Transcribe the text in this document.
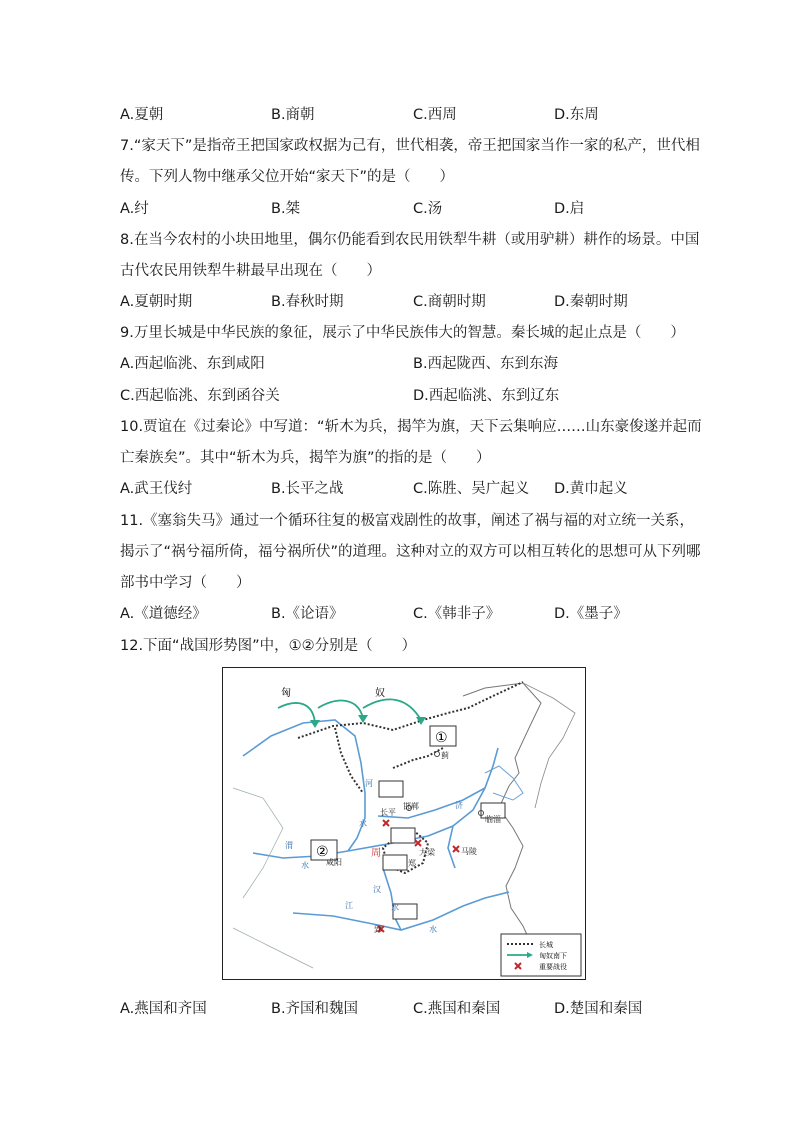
A.夏朝	B.商朝	C.西周	D.东周
7.“家天下”是指帝王把国家政权据为己有，世代相袭，帝王把国家当作一家的私产，世代相
传。下列人物中继承父位开始“家天下”的是（　　）
A.纣	B.桀	C.汤	D.启
8.在当今农村的小块田地里，偶尔仍能看到农民用铁犁牛耕（或用驴耕）耕作的场景。中国
古代农民用铁犁牛耕最早出现在（　　）
A.夏朝时期	B.春秋时期	C.商朝时期	D.秦朝时期
9.万里长城是中华民族的象征，展示了中华民族伟大的智慧。秦长城的起止点是（　　）
A.西起临洮、东到咸阳	B.西起陇西、东到东海
C.西起临洮、东到函谷关	D.西起临洮、东到辽东
10.贾谊在《过秦论》中写道：“斩木为兵，揭竿为旗，天下云集响应……山东豪俊遂并起而
亡秦族矣”。其中“斩木为兵，揭竿为旗”的指的是（　　）
A.武王伐纣	B.长平之战	C.陈胜、吴广起义 D.黄巾起义
11.《塞翁失马》通过一个循环往复的极富戏剧性的故事，阐述了祸与福的对立统一关系，
揭示了“祸兮福所倚，福兮祸所伏”的道理。这种对立的双方可以相互转化的思想可从下列哪
部书中学习（　　）
A.《道德经》	B.《论语》	C.《韩非子》	D.《墨子》
12.下面“战国形势图”中，①②分别是（　　）
匈	奴
①
②
蓟
邯郸
长平
大梁	马陵
咸阳	郑
临淄
郢
周
河
水
济
渭
水
汉
江	水
水
长城
匈奴南下
重要战役
A.燕国和齐国	B.齐国和魏国	C.燕国和秦国	D.楚国和秦国
